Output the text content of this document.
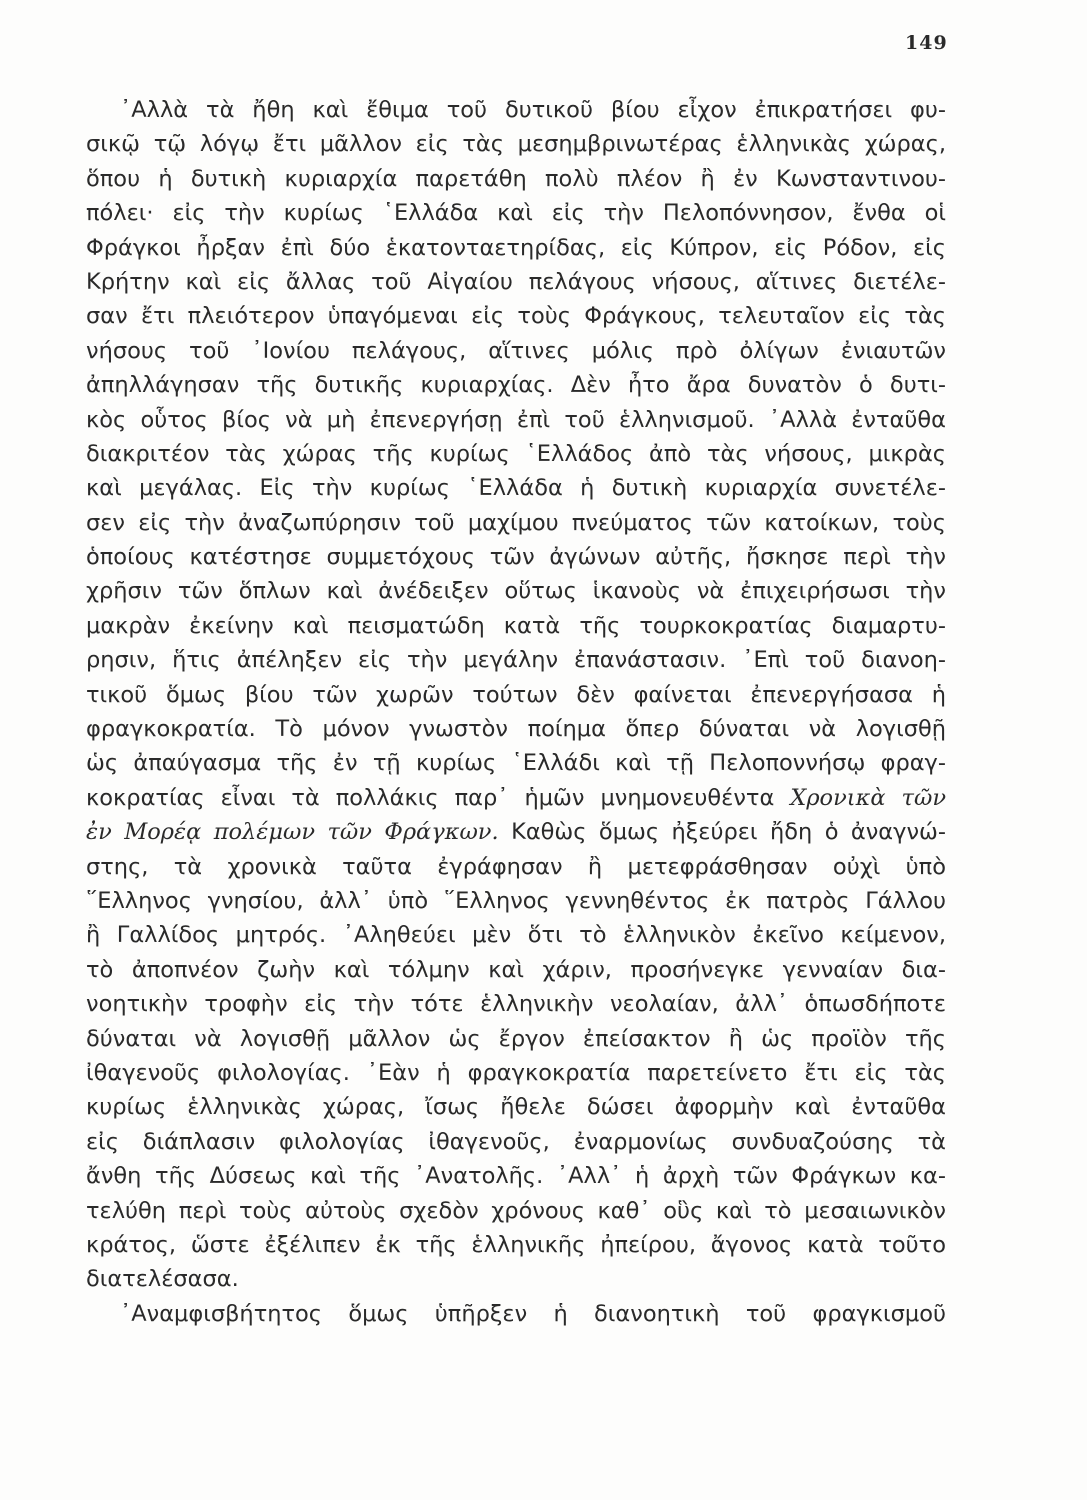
149
᾿Αλλὰ τὰ ἤθη καὶ ἔθιμα τοῦ δυτικοῦ βίου εἶχον ἐπικρατήσει φυ-
σικῷ τῷ λόγῳ ἔτι μᾶλλον εἰς τὰς μεσημβρινωτέρας ἑλληνικὰς χώρας,
ὅπου ἡ δυτικὴ κυριαρχία παρετάθη πολὺ πλέον ἢ ἐν Κωνσταντινου-
πόλει· εἰς τὴν κυρίως ῾Ελλάδα καὶ εἰς τὴν Πελοπόννησον, ἔνθα οἱ
Φράγκοι ἦρξαν ἐπὶ δύο ἑκατονταετηρίδας, εἰς Κύπρον, εἰς Ρόδον, εἰς
Κρήτην καὶ εἰς ἄλλας τοῦ Αἰγαίου πελάγους νήσους, αἵτινες διετέλε-
σαν ἔτι πλειότερον ὑπαγόμεναι εἰς τοὺς Φράγκους, τελευταῖον εἰς τὰς
νήσους τοῦ ᾿Ιονίου πελάγους, αἵτινες μόλις πρὸ ὀλίγων ἐνιαυτῶν
ἀπηλλάγησαν τῆς δυτικῆς κυριαρχίας. Δὲν ἦτο ἄρα δυνατὸν ὁ δυτι-
κὸς οὗτος βίος νὰ μὴ ἐπενεργήσῃ ἐπὶ τοῦ ἑλληνισμοῦ. ᾿Αλλὰ ἐνταῦθα
διακριτέον τὰς χώρας τῆς κυρίως ῾Ελλάδος ἀπὸ τὰς νήσους, μικρὰς
καὶ μεγάλας. Εἰς τὴν κυρίως ῾Ελλάδα ἡ δυτικὴ κυριαρχία συνετέλε-
σεν εἰς τὴν ἀναζωπύρησιν τοῦ μαχίμου πνεύματος τῶν κατοίκων, τοὺς
ὁποίους κατέστησε συμμετόχους τῶν ἀγώνων αὐτῆς, ἤσκησε περὶ τὴν
χρῆσιν τῶν ὅπλων καὶ ἀνέδειξεν οὕτως ἱκανοὺς νὰ ἐπιχειρήσωσι τὴν
μακρὰν ἐκείνην καὶ πεισματώδη κατὰ τῆς τουρκοκρατίας διαμαρτυ-
ρησιν, ἥτις ἀπέληξεν εἰς τὴν μεγάλην ἐπανάστασιν. ᾿Επὶ τοῦ διανοη-
τικοῦ ὅμως βίου τῶν χωρῶν τούτων δὲν φαίνεται ἐπενεργήσασα ἡ
φραγκοκρατία. Τὸ μόνον γνωστὸν ποίημα ὅπερ δύναται νὰ λογισθῇ
ὡς ἀπαύγασμα τῆς ἐν τῇ κυρίως ῾Ελλάδι καὶ τῇ Πελοποννήσῳ φραγ-
κοκρατίας εἶναι τὰ πολλάκις παρ᾿ ἡμῶν μνημονευθέντα Χρονικὰ τῶν
ἐν Μορέᾳ πολέμων τῶν Φράγκων. Καθὼς ὅμως ἠξεύρει ἤδη ὁ ἀναγνώ-
στης, τὰ χρονικὰ ταῦτα ἐγράφησαν ἢ μετεφράσθησαν οὐχὶ ὑπὸ
῞Ελληνος γνησίου, ἀλλ᾿ ὑπὸ ῞Ελληνος γεννηθέντος ἐκ πατρὸς Γάλλου
ἢ Γαλλίδος μητρός. ᾿Αληθεύει μὲν ὅτι τὸ ἑλληνικὸν ἐκεῖνο κείμενον,
τὸ ἀποπνέον ζωὴν καὶ τόλμην καὶ χάριν, προσήνεγκε γενναίαν δια-
νοητικὴν τροφὴν εἰς τὴν τότε ἑλληνικὴν νεολαίαν, ἀλλ᾿ ὁπωσδήποτε
δύναται νὰ λογισθῇ μᾶλλον ὡς ἔργον ἐπείσακτον ἢ ὡς προϊὸν τῆς
ἰθαγενοῦς φιλολογίας. ᾿Εὰν ἡ φραγκοκρατία παρετείνετο ἔτι εἰς τὰς
κυρίως ἑλληνικὰς χώρας, ἴσως ἤθελε δώσει ἀφορμὴν καὶ ἐνταῦθα
εἰς διάπλασιν φιλολογίας ἰθαγενοῦς, ἐναρμονίως συνδυαζούσης τὰ
ἄνθη τῆς Δύσεως καὶ τῆς ᾿Ανατολῆς. ᾿Αλλ᾿ ἡ ἀρχὴ τῶν Φράγκων κα-
τελύθη περὶ τοὺς αὐτοὺς σχεδὸν χρόνους καθ᾿ οὓς καὶ τὸ μεσαιωνικὸν
κράτος, ὥστε ἐξέλιπεν ἐκ τῆς ἑλληνικῆς ἠπείρου, ἄγονος κατὰ τοῦτο
διατελέσασα.
᾿Αναμφισβήτητος ὅμως ὑπῆρξεν ἡ διανοητικὴ τοῦ φραγκισμοῦ
